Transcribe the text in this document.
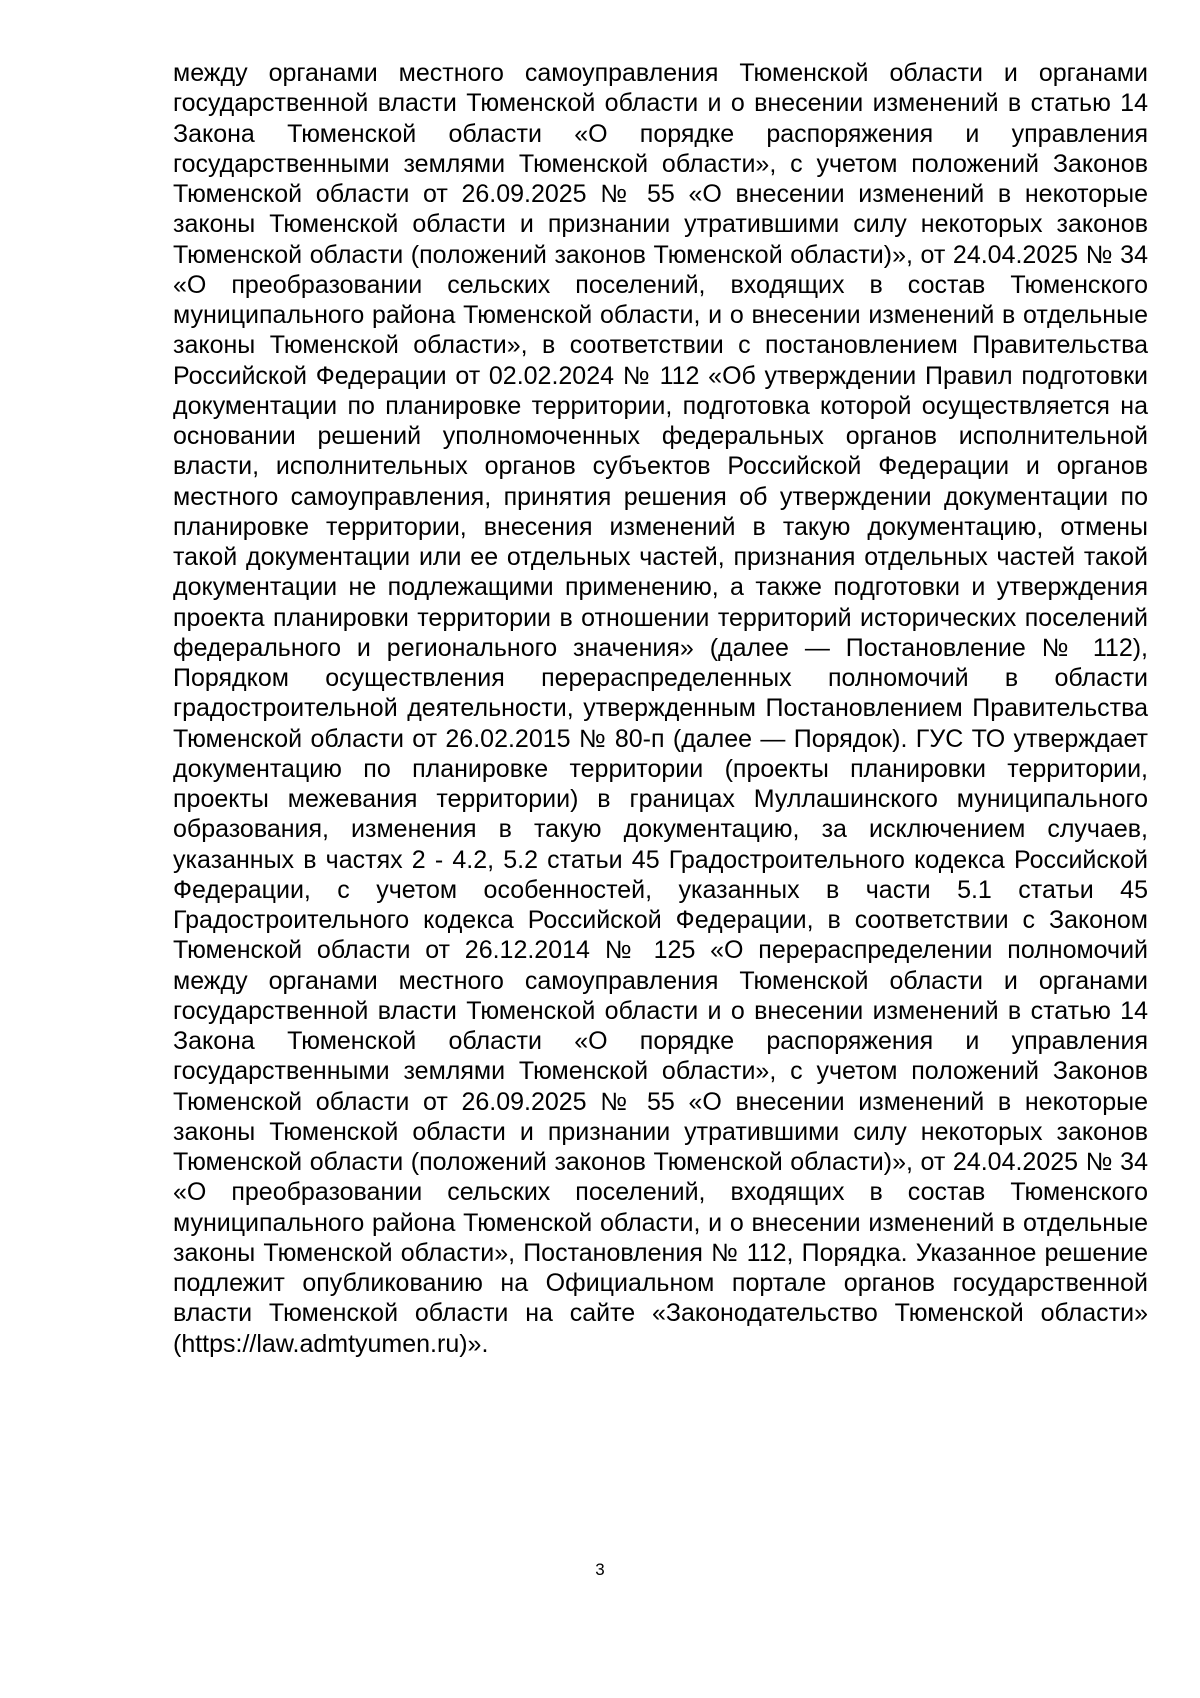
между органами местного самоуправления Тюменской области и органами государственной власти Тюменской области и о внесении изменений в статью 14 Закона Тюменской области «О порядке распоряжения и управления государственными землями Тюменской области», с учетом положений Законов Тюменской области от 26.09.2025 № 55 «О внесении изменений в некоторые законы Тюменской области и признании утратившими силу некоторых законов Тюменской области (положений законов Тюменской области)», от 24.04.2025 № 34 «О преобразовании сельских поселений, входящих в состав Тюменского муниципального района Тюменской области, и о внесении изменений в отдельные законы Тюменской области», в соответствии с постановлением Правительства Российской Федерации от 02.02.2024 № 112 «Об утверждении Правил подготовки документации по планировке территории, подготовка которой осуществляется на основании решений уполномоченных федеральных органов исполнительной власти, исполнительных органов субъектов Российской Федерации и органов местного самоуправления, принятия решения об утверждении документации по планировке территории, внесения изменений в такую документацию, отмены такой документации или ее отдельных частей, признания отдельных частей такой документации не подлежащими применению, а также подготовки и утверждения проекта планировки территории в отношении территорий исторических поселений федерального и регионального значения» (далее — Постановление № 112), Порядком осуществления перераспределенных полномочий в области градостроительной деятельности, утвержденным Постановлением Правительства Тюменской области от 26.02.2015 № 80-п (далее — Порядок). ГУС ТО утверждает документацию по планировке территории (проекты планировки территории, проекты межевания территории) в границах Муллашинского муниципального образования, изменения в такую документацию, за исключением случаев, указанных в частях 2 - 4.2, 5.2 статьи 45 Градостроительного кодекса Российской Федерации, с учетом особенностей, указанных в части 5.1 статьи 45 Градостроительного кодекса Российской Федерации, в соответствии с Законом Тюменской области от 26.12.2014 № 125 «О перераспределении полномочий между органами местного самоуправления Тюменской области и органами государственной власти Тюменской области и о внесении изменений в статью 14 Закона Тюменской области «О порядке распоряжения и управления государственными землями Тюменской области», с учетом положений Законов Тюменской области от 26.09.2025 № 55 «О внесении изменений в некоторые законы Тюменской области и признании утратившими силу некоторых законов Тюменской области (положений законов Тюменской области)», от 24.04.2025 № 34 «О преобразовании сельских поселений, входящих в состав Тюменского муниципального района Тюменской области, и о внесении изменений в отдельные законы Тюменской области», Постановления № 112, Порядка. Указанное решение подлежит опубликованию на Официальном портале органов государственной власти Тюменской области на сайте «Законодательство Тюменской области» (https://law.admtyumen.ru)».

3
